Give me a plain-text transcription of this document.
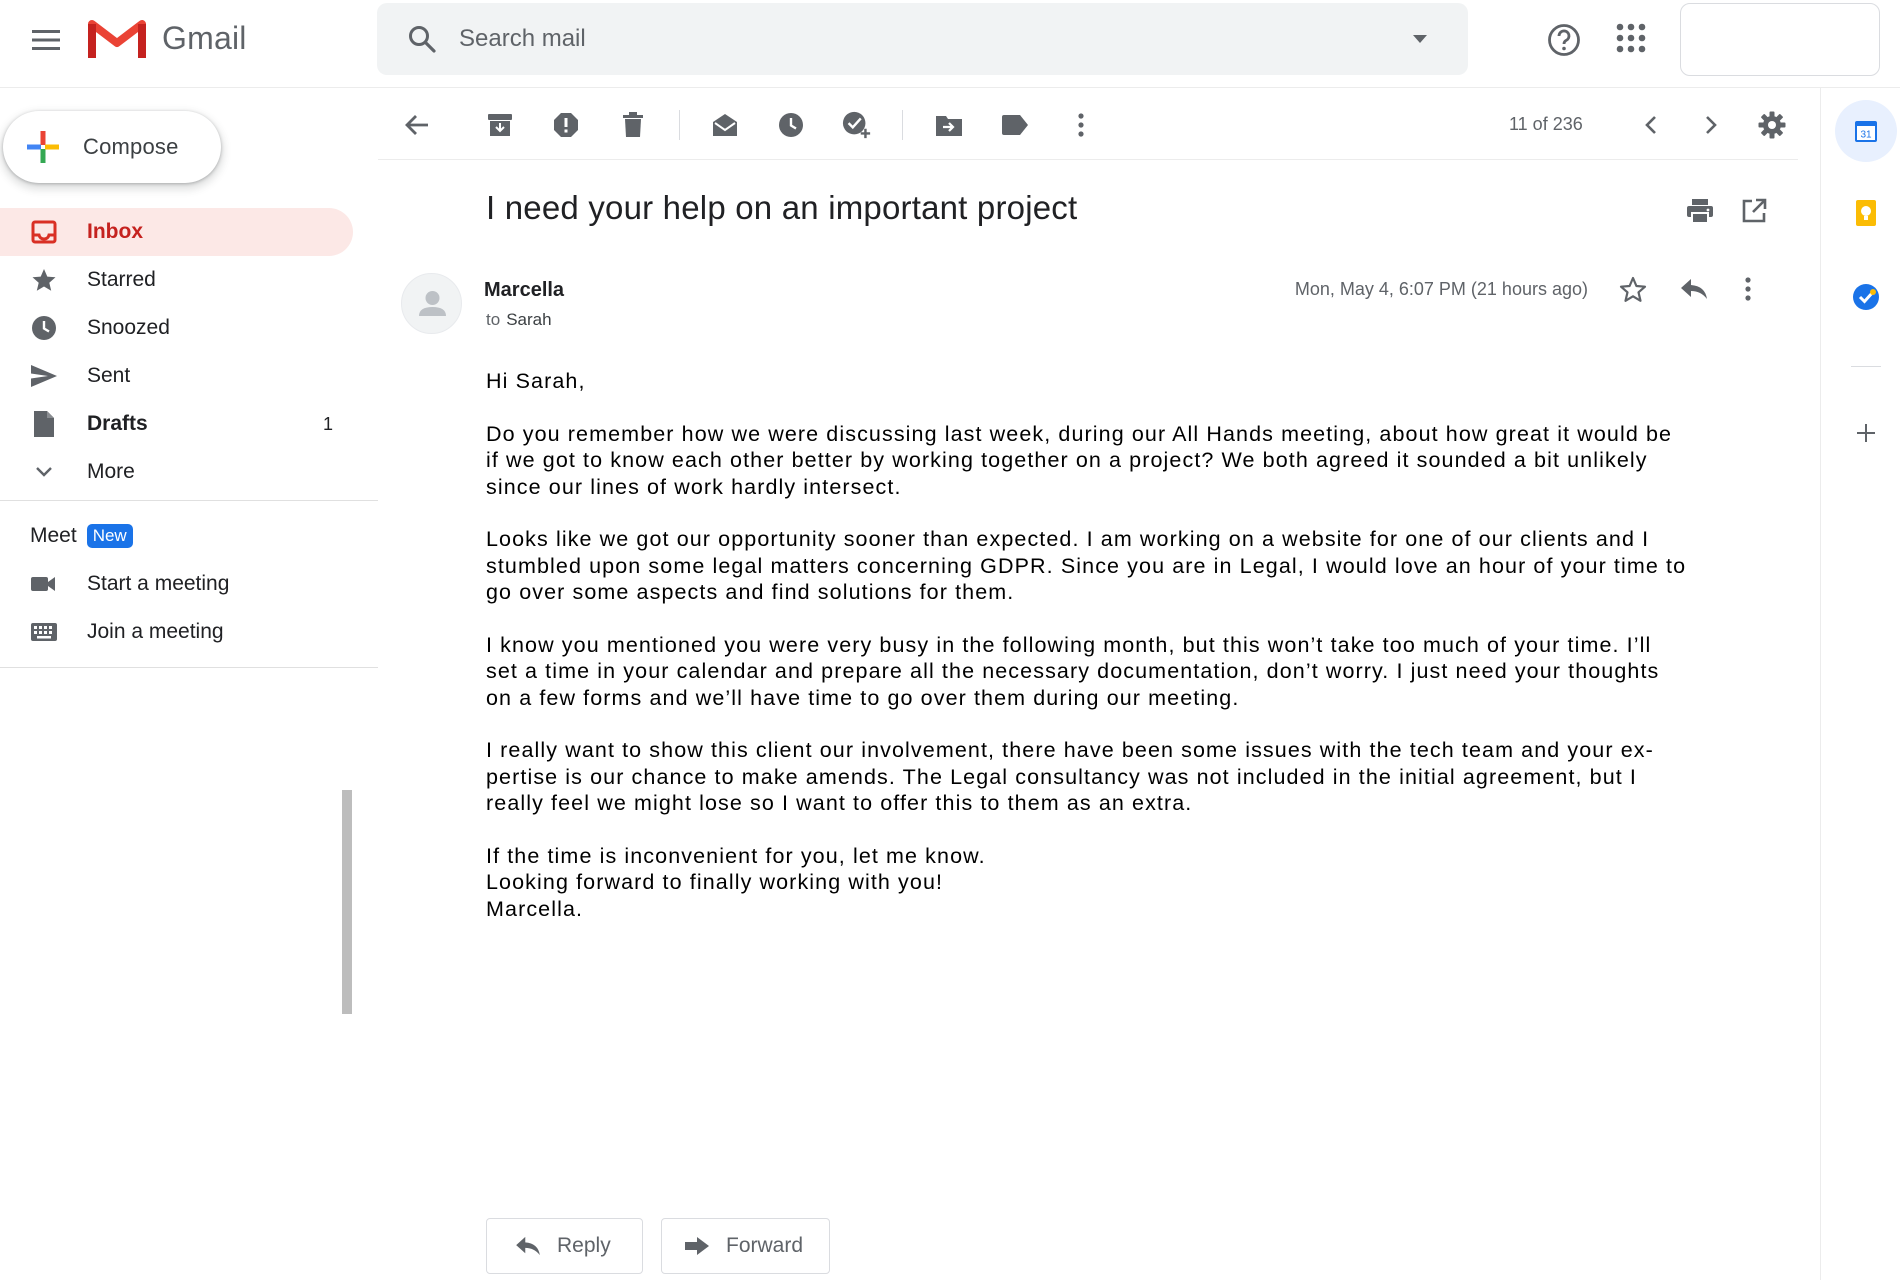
Gmail	Search mail
Compose
Inbox
Starred
Snoozed
Sent
Drafts	1
More
Meet New
Start a meeting
Join a meeting
11 of 236
I need your help on an important project
Marcella
to Sarah
Mon, May 4, 6:07 PM (21 hours ago)

Hi Sarah,

Do you remember how we were discussing last week, during our All Hands meeting, about how great it would be
if we got to know each other better by working together on a project? We both agreed it sounded a bit unlikely
since our lines of work hardly intersect.

Looks like we got our opportunity sooner than expected. I am working on a website for one of our clients and I
stumbled upon some legal matters concerning GDPR. Since you are in Legal, I would love an hour of your time to
go over some aspects and find solutions for them.

I know you mentioned you were very busy in the following month, but this won’t take too much of your time. I’ll
set a time in your calendar and prepare all the necessary documentation, don’t worry. I just need your thoughts
on a few forms and we’ll have time to go over them during our meeting.

I really want to show this client our involvement, there have been some issues with the tech team and your ex-
pertise is our chance to make amends. The Legal consultancy was not included in the initial agreement, but I
really feel we might lose so I want to offer this to them as an extra.

If the time is inconvenient for you, let me know.
Looking forward to finally working with you!
Marcella.

Reply	Forward
31
